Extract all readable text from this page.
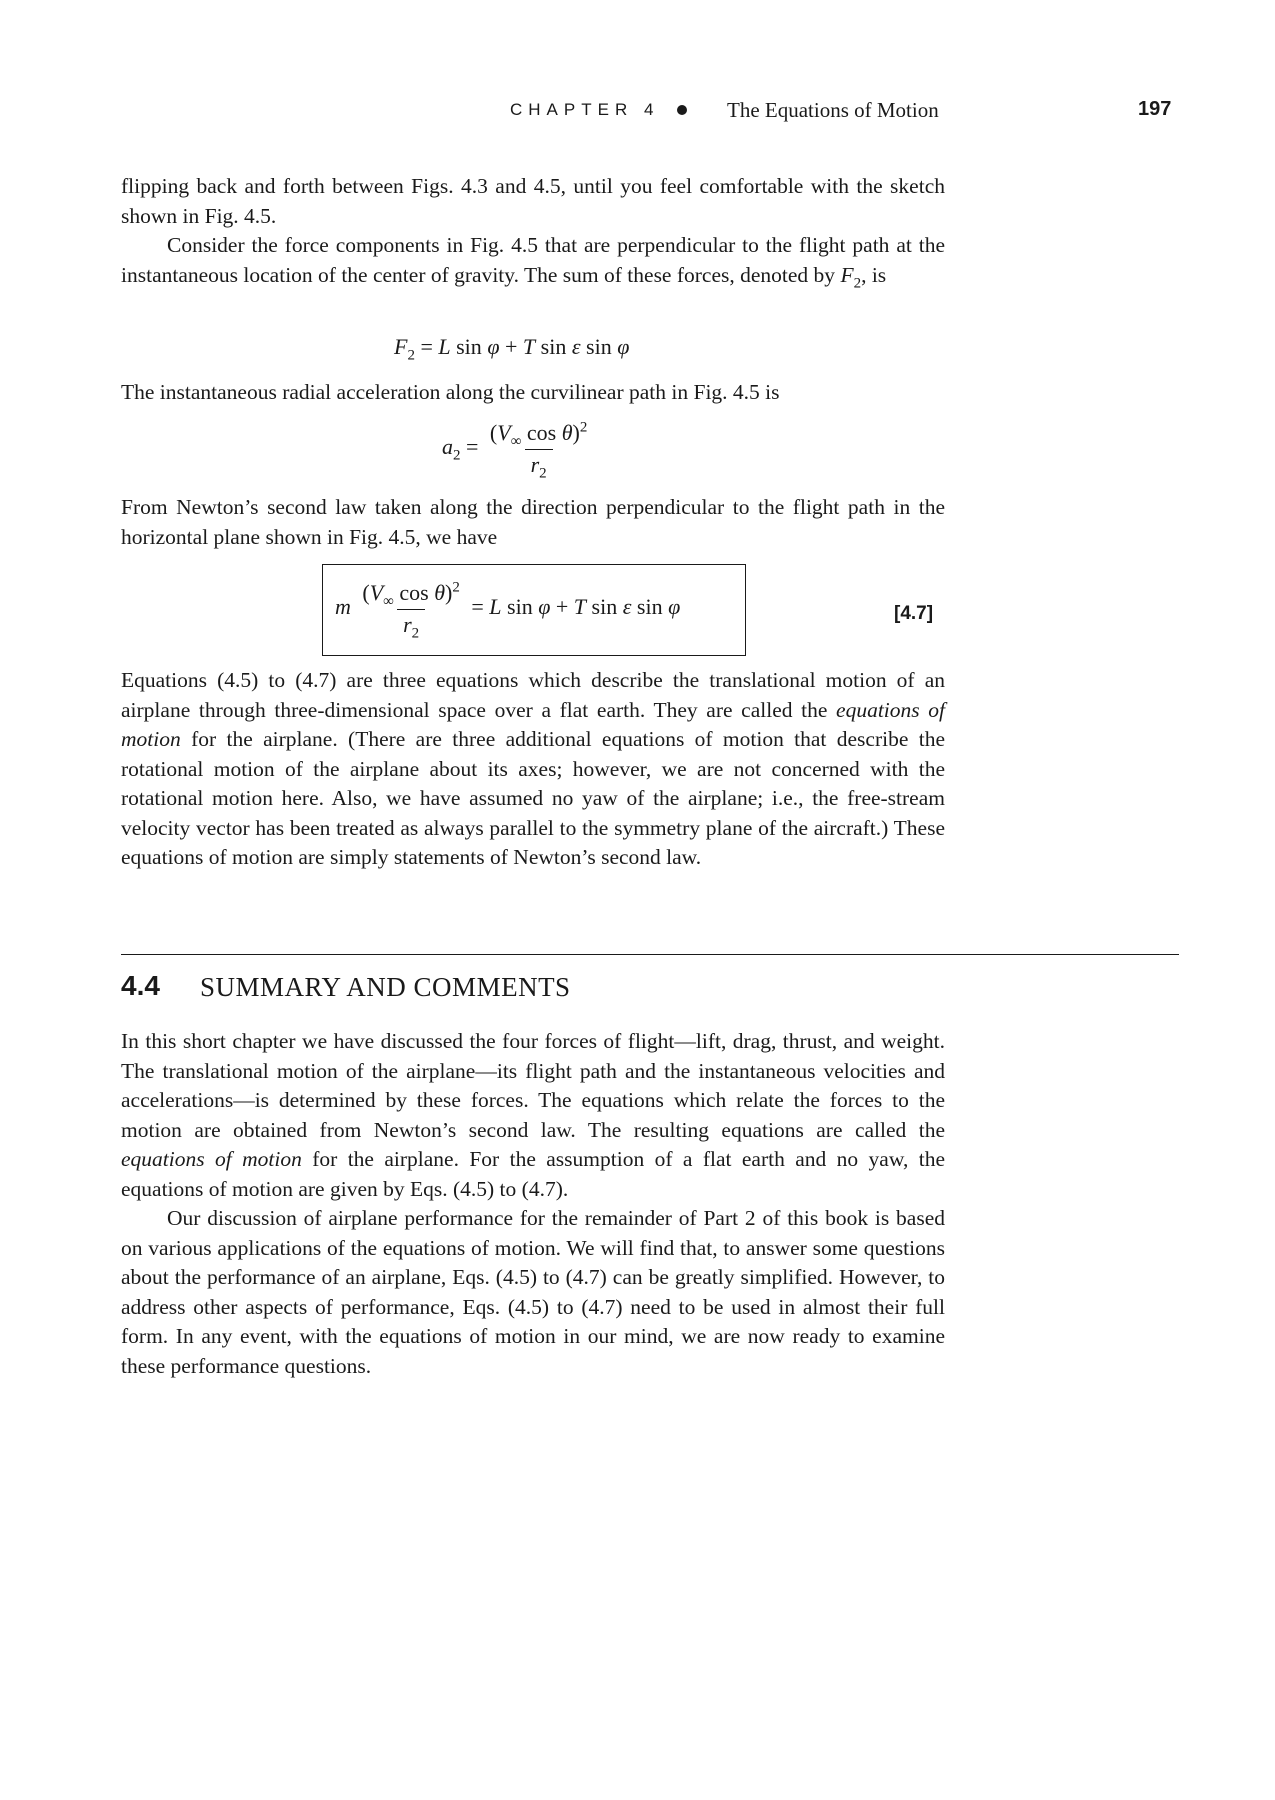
CHAPTER 4	The Equations of Motion	197

flipping back and forth between Figs. 4.3 and 4.5, until you feel comfortable with the sketch shown in Fig. 4.5.

Consider the force components in Fig. 4.5 that are perpendicular to the flight path at the instantaneous location of the center of gravity. The sum of these forces, denoted by $F_2$, is

$F_2 = L$ sin φ + T sin ε sin φ

The instantaneous radial acceleration along the curvilinear path in Fig. 4.5 is

$a_2 = \frac{(V_\infty \cos \theta)^2}{r_2}$

From Newton’s second law taken along the direction perpendicular to the flight path in the horizontal plane shown in Fig. 4.5, we have

m $\frac{(V_\infty \cos \theta)^2}{r_2} = L$ sin φ + T sin ε sin φ	[4.7]

Equations (4.5) to (4.7) are three equations which describe the translational motion of an airplane through three-dimensional space over a flat earth. They are called the equations of motion for the airplane. (There are three additional equations of motion that describe the rotational motion of the airplane about its axes; however, we are not concerned with the rotational motion here. Also, we have assumed no yaw of the airplane; i.e., the free-stream velocity vector has been treated as always parallel to the symmetry plane of the aircraft.) These equations of motion are simply statements of Newton’s second law.

4.4 SUMMARY AND COMMENTS

In this short chapter we have discussed the four forces of flight—lift, drag, thrust, and weight. The translational motion of the airplane—its flight path and the instantaneous velocities and accelerations—is determined by these forces. The equations which relate the forces to the motion are obtained from Newton’s second law. The resulting equations are called the equations of motion for the airplane. For the assumption of a flat earth and no yaw, the equations of motion are given by Eqs. (4.5) to (4.7).

Our discussion of airplane performance for the remainder of Part 2 of this book is based on various applications of the equations of motion. We will find that, to answer some questions about the performance of an airplane, Eqs. (4.5) to (4.7) can be greatly simplified. However, to address other aspects of performance, Eqs. (4.5) to (4.7) need to be used in almost their full form. In any event, with the equations of motion in our mind, we are now ready to examine these performance questions.
